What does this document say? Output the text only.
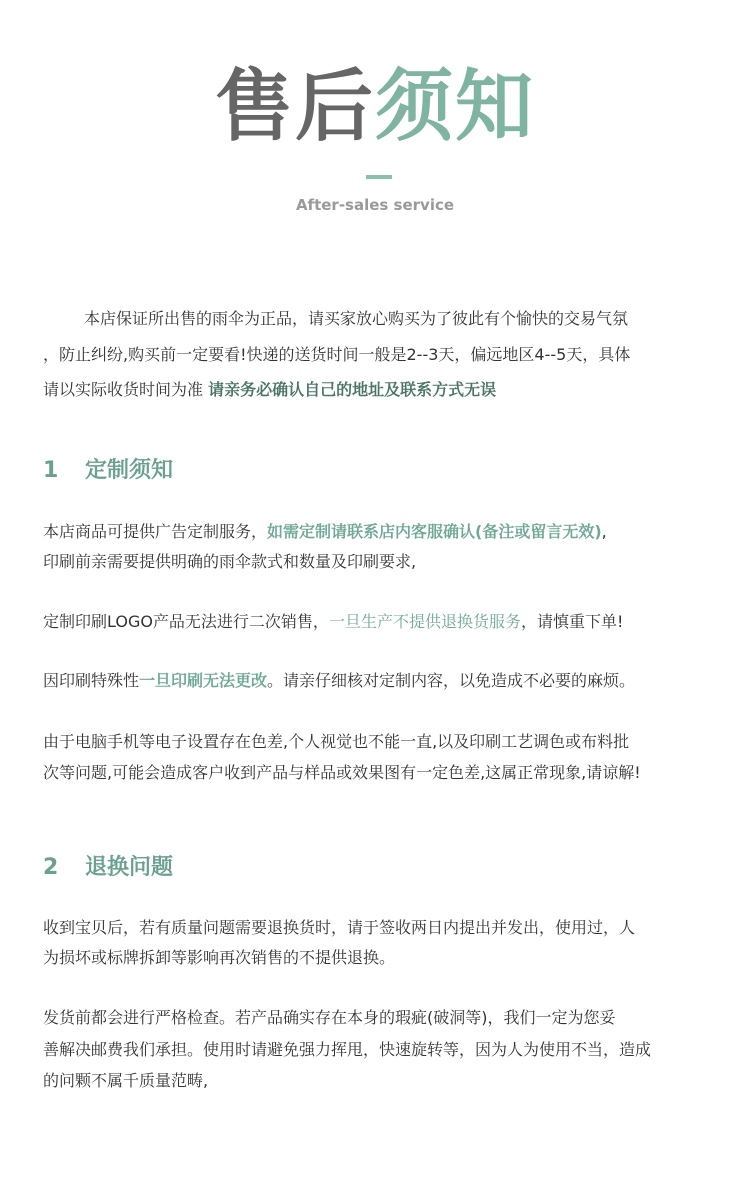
售后须知
After-sales service
本店保证所出售的雨伞为正品，请买家放心购买为了彼此有个愉快的交易气氛
，防止纠纷,购买前一定要看!快递的送货时间一般是2--3天，偏远地区4--5天，具体
请以实际收货时间为准 请亲务必确认自己的地址及联系方式无误
1 定制须知
本店商品可提供广告定制服务，如需定制请联系店内客服确认(备注或留言无效),
印刷前亲需要提供明确的雨伞款式和数量及印刷要求,
定制印刷LOGO产品无法进行二次销售，一旦生产不提供退换货服务，请慎重下单!
因印刷特殊性一旦印刷无法更改。请亲仔细核对定制内容，以免造成不必要的麻烦。
由于电脑手机等电子设置存在色差,个人视觉也不能一直,以及印刷工艺调色或布料批
次等问题,可能会造成客户收到产品与样品或效果图有一定色差,这属正常现象,请谅解!
2 退换问题
收到宝贝后，若有质量问题需要退换货时，请于签收两日内提出并发出，使用过，人
为损坏或标牌拆卸等影响再次销售的不提供退换。
发货前都会进行严格检查。若产品确实存在本身的瑕疵(破洞等)，我们一定为您妥
善解决邮费我们承担。使用时请避免强力挥甩，快速旋转等，因为人为使用不当，造成
的问颗不属千质量范畴,
